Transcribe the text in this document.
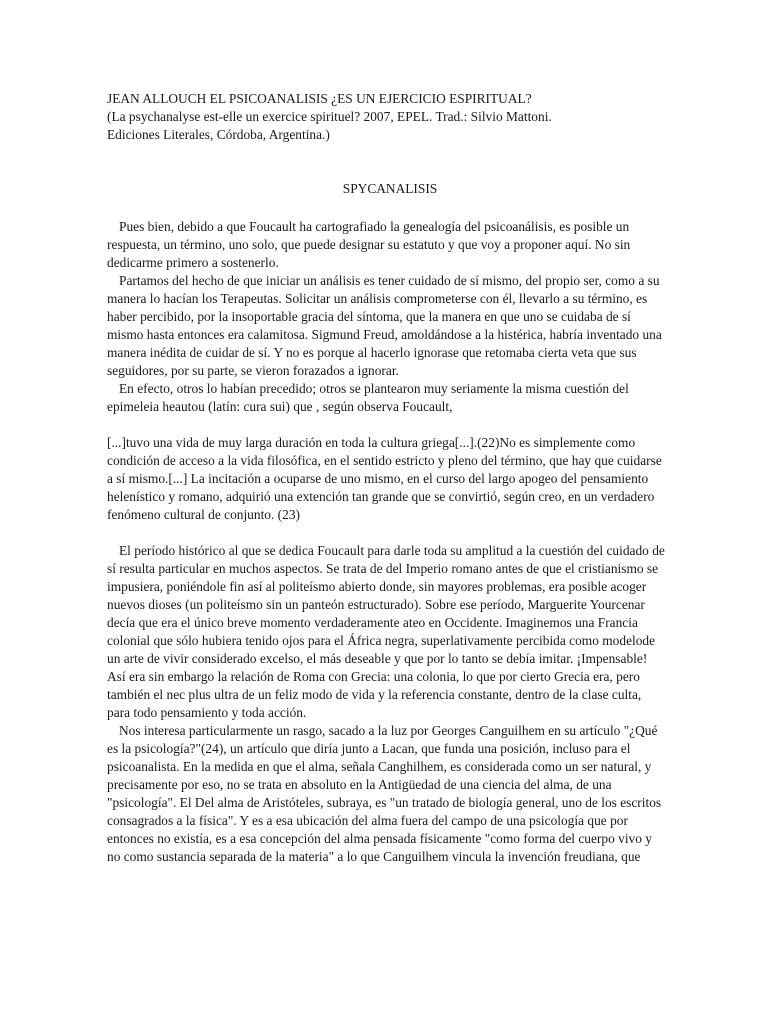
JEAN ALLOUCH EL PSICOANALISIS ¿ES UN EJERCICIO ESPIRITUAL?

(La psychanalyse est-elle un exercice spirituel? 2007, EPEL. Trad.: Silvio Mattoni.

Ediciones Literales, Córdoba, Argentina.)

SPYCANALISIS

Pues bien, debido a que Foucault ha cartografiado la genealogía del psicoanálisis, es posible un respuesta, un término, uno solo, que puede designar su estatuto y que voy a proponer aquí. No sin dedicarme primero a sostenerlo.

Partamos del hecho de que iniciar un análisis es tener cuidado de sí mismo, del propio ser, como a su manera lo hacían los Terapeutas. Solicitar un análisis comprometerse con él, llevarlo a su término, es haber percibido, por la insoportable gracia del síntoma, que la manera en que uno se cuidaba de sí mismo hasta entonces era calamitosa. Sigmund Freud, amoldándose a la histérica, habría inventado una manera inédita de cuidar de sí. Y no es porque al hacerlo ignorase que retomaba cierta veta que sus seguidores, por su parte, se vieron forazados a ignorar.

En efecto, otros lo habían precedido; otros se plantearon muy seriamente la misma cuestión del epimeleia heautou (latín: cura sui) que , según observa Foucault,

[...]tuvo una vida de muy larga duración en toda la cultura griega[...].(22)No es simplemente como condición de acceso a la vida filosófica, en el sentido estricto y pleno del término, que hay que cuidarse a sí mismo.[...] La incitación a ocuparse de uno mismo, en el curso del largo apogeo del pensamiento helenístico y romano, adquirió una extención tan grande que se convirtió, según creo, en un verdadero fenómeno cultural de conjunto. (23)

El período histórico al que se dedica Foucault para darle toda su amplitud a la cuestión del cuidado de sí resulta particular en muchos aspectos. Se trata de del Imperio romano antes de que el cristianismo se impusiera, poniéndole fin así al politeísmo abierto donde, sin mayores problemas, era posible acoger nuevos dioses (un politeísmo sin un panteón estructurado). Sobre ese período, Marguerite Yourcenar decía que era el único breve momento verdaderamente ateo en Occidente. Imaginemos una Francia colonial que sólo hubiera tenido ojos para el África negra, superlativamente percibida como modelode un arte de vivir considerado excelso, el más deseable y que por lo tanto se debía imitar. ¡Impensable! Así era sin embargo la relación de Roma con Grecia: una colonia, lo que por cierto Grecia era, pero también el nec plus ultra de un feliz modo de vida y la referencia constante, dentro de la clase culta, para todo pensamiento y toda acción.

Nos interesa particularmente un rasgo, sacado a la luz por Georges Canguilhem en su artículo "¿Qué es la psicología?"(24), un artículo que diría junto a Lacan, que funda una posición, incluso para el psicoanalista. En la medida en que el alma, señala Canghilhem, es considerada como un ser natural, y precisamente por eso, no se trata en absoluto en la Antigüedad de una ciencia del alma, de una "psicología". El Del alma de Aristóteles, subraya, es "un tratado de biología general, uno de los escritos consagrados a la física". Y es a esa ubicación del alma fuera del campo de una psicología que por entonces no existía, es a esa concepción del alma pensada físicamente "como forma del cuerpo vivo y no como sustancia separada de la materia" a lo que Canguilhem vincula la invención freudiana, que
